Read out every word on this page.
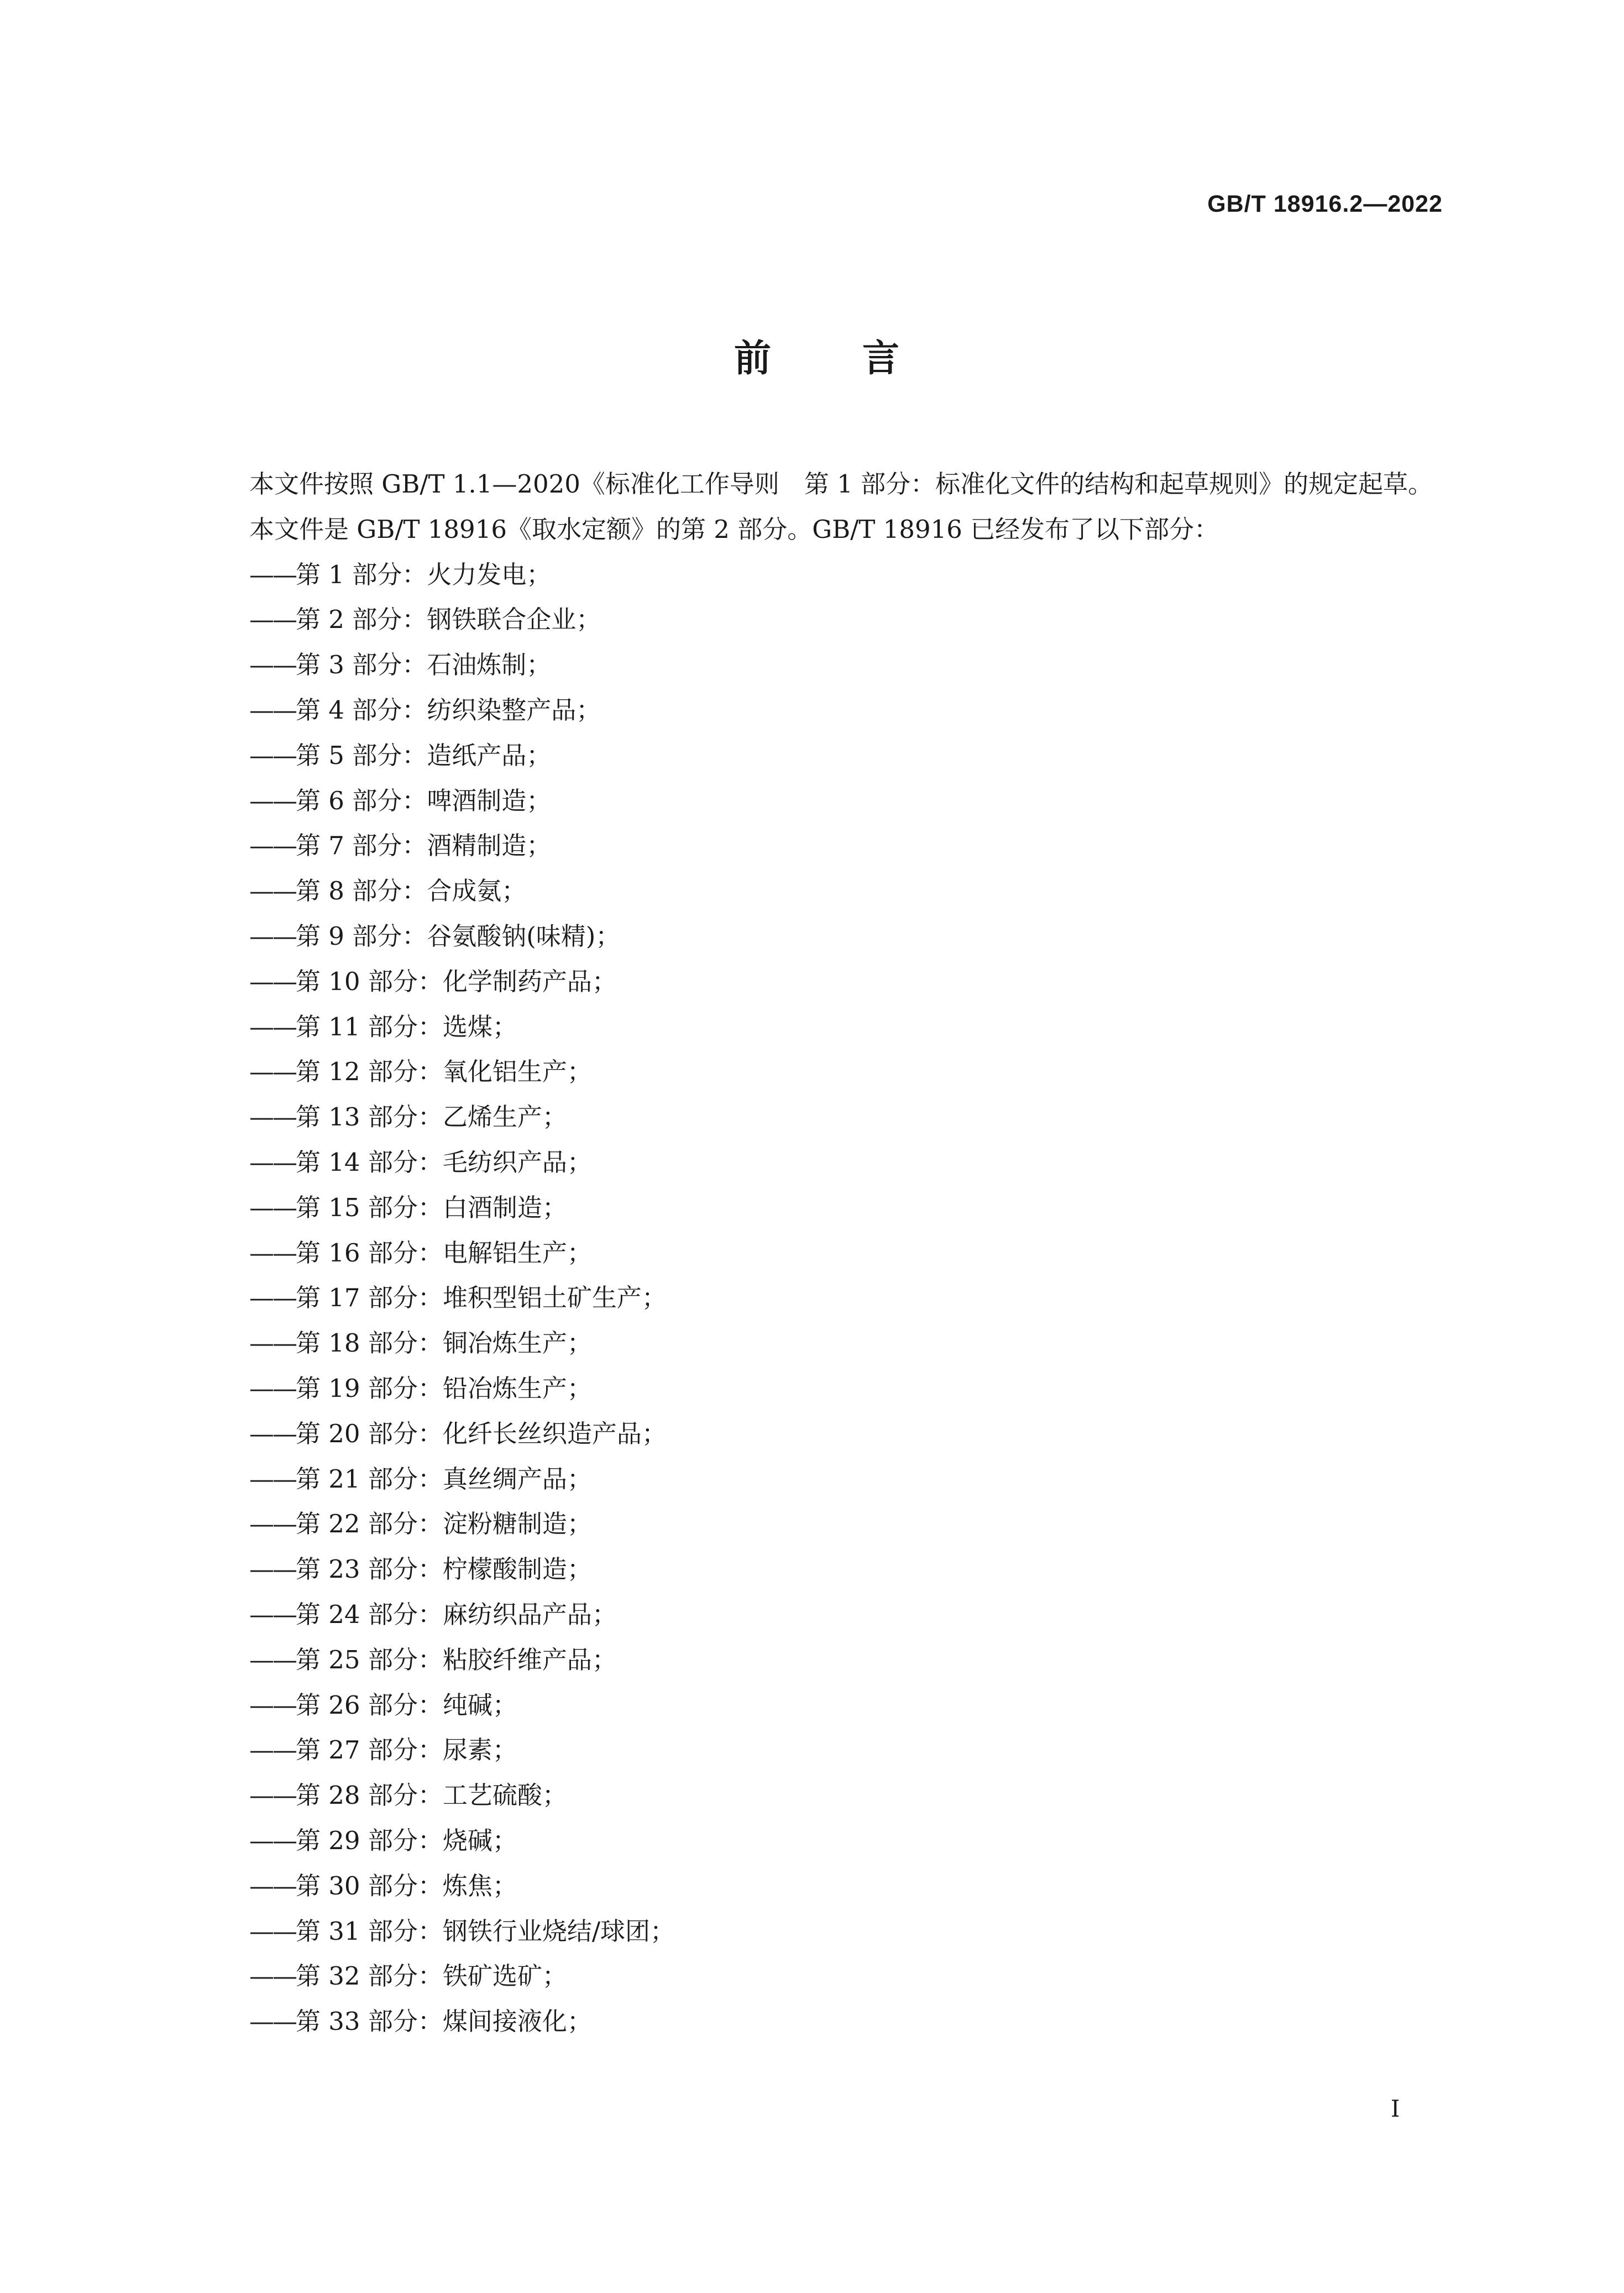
GB/T 18916.2—2022
前 言

本文件按照 GB/T 1.1—2020《标准化工作导则　第 1 部分：标准化文件的结构和起草规则》的规定起草。

本文件是 GB/T 18916《取水定额》的第 2 部分。GB/T 18916 已经发布了以下部分：

——第 1 部分：火力发电；
——第 2 部分：钢铁联合企业；
——第 3 部分：石油炼制；
——第 4 部分：纺织染整产品；
——第 5 部分：造纸产品；
——第 6 部分：啤酒制造；
——第 7 部分：酒精制造；
——第 8 部分：合成氨；
——第 9 部分：谷氨酸钠(味精)；
——第 10 部分：化学制药产品；
——第 11 部分：选煤；
——第 12 部分：氧化铝生产；
——第 13 部分：乙烯生产；
——第 14 部分：毛纺织产品；
——第 15 部分：白酒制造；
——第 16 部分：电解铝生产；
——第 17 部分：堆积型铝土矿生产；
——第 18 部分：铜冶炼生产；
——第 19 部分：铅冶炼生产；
——第 20 部分：化纤长丝织造产品；
——第 21 部分：真丝绸产品；
——第 22 部分：淀粉糖制造；
——第 23 部分：柠檬酸制造；
——第 24 部分：麻纺织品产品；
——第 25 部分：粘胶纤维产品；
——第 26 部分：纯碱；
——第 27 部分：尿素；
——第 28 部分：工艺硫酸；
——第 29 部分：烧碱；
——第 30 部分：炼焦；
——第 31 部分：钢铁行业烧结/球团；
——第 32 部分：铁矿选矿；
——第 33 部分：煤间接液化；
I
